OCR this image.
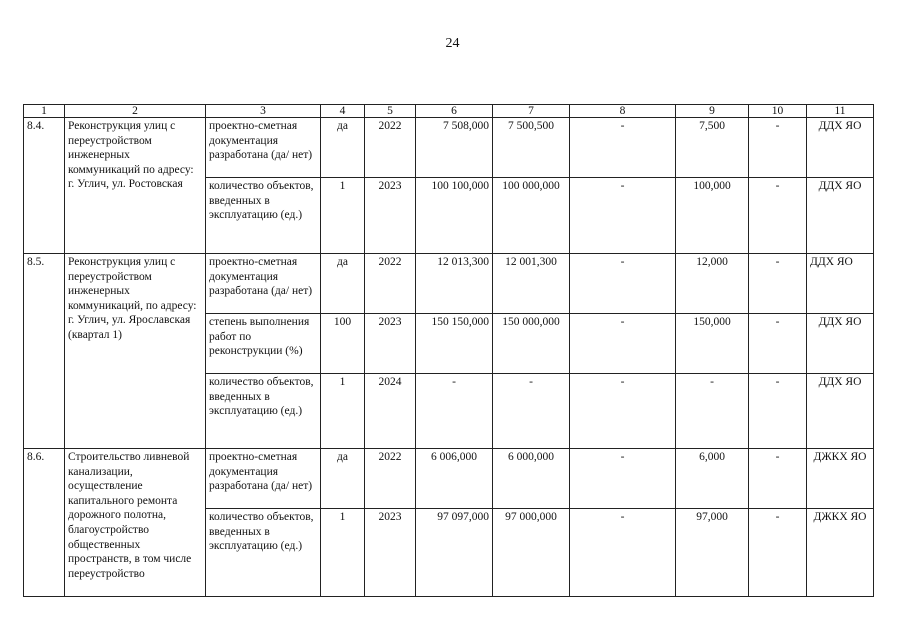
24
1	2	3	4	5	6	7	8	9	10	11
8.4.	Реконструкция улиц с переустройством инженерных коммуникаций по адресу: г. Углич, ул. Ростовская	проектно-сметная документация разработана (да/ нет)	да	2022	7 508,000	7 500,500	-	7,500	-	ДДХ ЯО
		количество объектов, введенных в эксплуатацию (ед.)	1	2023	100 100,000	100 000,000	-	100,000	-	ДДХ ЯО
8.5.	Реконструкция улиц с переустройством инженерных коммуникаций, по адресу: г. Углич, ул. Ярославская (квартал 1)	проектно-сметная документация разработана (да/ нет)	да	2022	12 013,300	12 001,300	-	12,000	-	ДДХ ЯО
		степень выполнения работ по реконструкции (%)	100	2023	150 150,000	150 000,000	-	150,000	-	ДДХ ЯО
		количество объектов, введенных в эксплуатацию (ед.)	1	2024	-	-	-	-	-	ДДХ ЯО
8.6.	Строительство ливневой канализации, осуществление капитального ремонта дорожного полотна, благоустройство общественных пространств, в том числе переустройство	проектно-сметная документация разработана (да/ нет)	да	2022	6 006,000	6 000,000	-	6,000	-	ДЖКХ ЯО
		количество объектов, введенных в эксплуатацию (ед.)	1	2023	97 097,000	97 000,000	-	97,000	-	ДЖКХ ЯО
